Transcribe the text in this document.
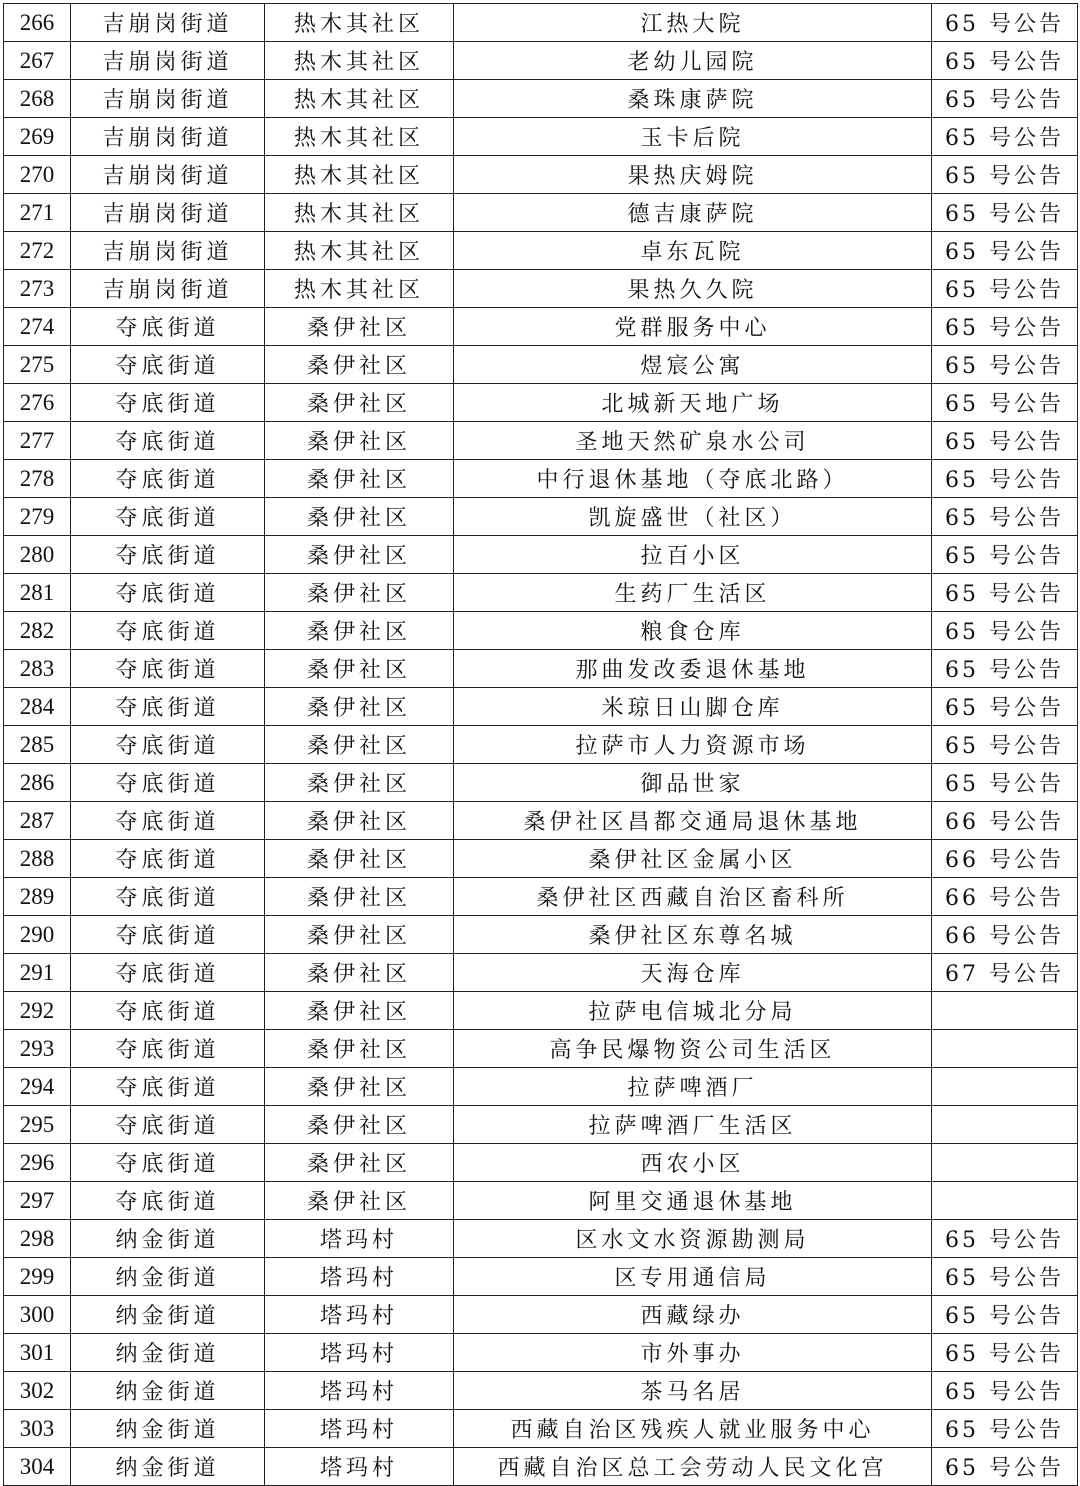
266	吉崩岗街道	热木其社区	江热大院	65 号公告
267	吉崩岗街道	热木其社区	老幼儿园院	65 号公告
268	吉崩岗街道	热木其社区	桑珠康萨院	65 号公告
269	吉崩岗街道	热木其社区	玉卡后院	65 号公告
270	吉崩岗街道	热木其社区	果热庆姆院	65 号公告
271	吉崩岗街道	热木其社区	德吉康萨院	65 号公告
272	吉崩岗街道	热木其社区	卓东瓦院	65 号公告
273	吉崩岗街道	热木其社区	果热久久院	65 号公告
274	夺底街道	桑伊社区	党群服务中心	65 号公告
275	夺底街道	桑伊社区	煜宸公寓	65 号公告
276	夺底街道	桑伊社区	北城新天地广场	65 号公告
277	夺底街道	桑伊社区	圣地天然矿泉水公司	65 号公告
278	夺底街道	桑伊社区	中行退休基地（夺底北路）	65 号公告
279	夺底街道	桑伊社区	凯旋盛世（社区）	65 号公告
280	夺底街道	桑伊社区	拉百小区	65 号公告
281	夺底街道	桑伊社区	生药厂生活区	65 号公告
282	夺底街道	桑伊社区	粮食仓库	65 号公告
283	夺底街道	桑伊社区	那曲发改委退休基地	65 号公告
284	夺底街道	桑伊社区	米琼日山脚仓库	65 号公告
285	夺底街道	桑伊社区	拉萨市人力资源市场	65 号公告
286	夺底街道	桑伊社区	御品世家	65 号公告
287	夺底街道	桑伊社区	桑伊社区昌都交通局退休基地	66 号公告
288	夺底街道	桑伊社区	桑伊社区金属小区	66 号公告
289	夺底街道	桑伊社区	桑伊社区西藏自治区畜科所	66 号公告
290	夺底街道	桑伊社区	桑伊社区东尊名城	66 号公告
291	夺底街道	桑伊社区	天海仓库	67 号公告
292	夺底街道	桑伊社区	拉萨电信城北分局	
293	夺底街道	桑伊社区	高争民爆物资公司生活区	
294	夺底街道	桑伊社区	拉萨啤酒厂	
295	夺底街道	桑伊社区	拉萨啤酒厂生活区	
296	夺底街道	桑伊社区	西农小区	
297	夺底街道	桑伊社区	阿里交通退休基地	
298	纳金街道	塔玛村	区水文水资源勘测局	65 号公告
299	纳金街道	塔玛村	区专用通信局	65 号公告
300	纳金街道	塔玛村	西藏绿办	65 号公告
301	纳金街道	塔玛村	市外事办	65 号公告
302	纳金街道	塔玛村	茶马名居	65 号公告
303	纳金街道	塔玛村	西藏自治区残疾人就业服务中心	65 号公告
304	纳金街道	塔玛村	西藏自治区总工会劳动人民文化宫	65 号公告
